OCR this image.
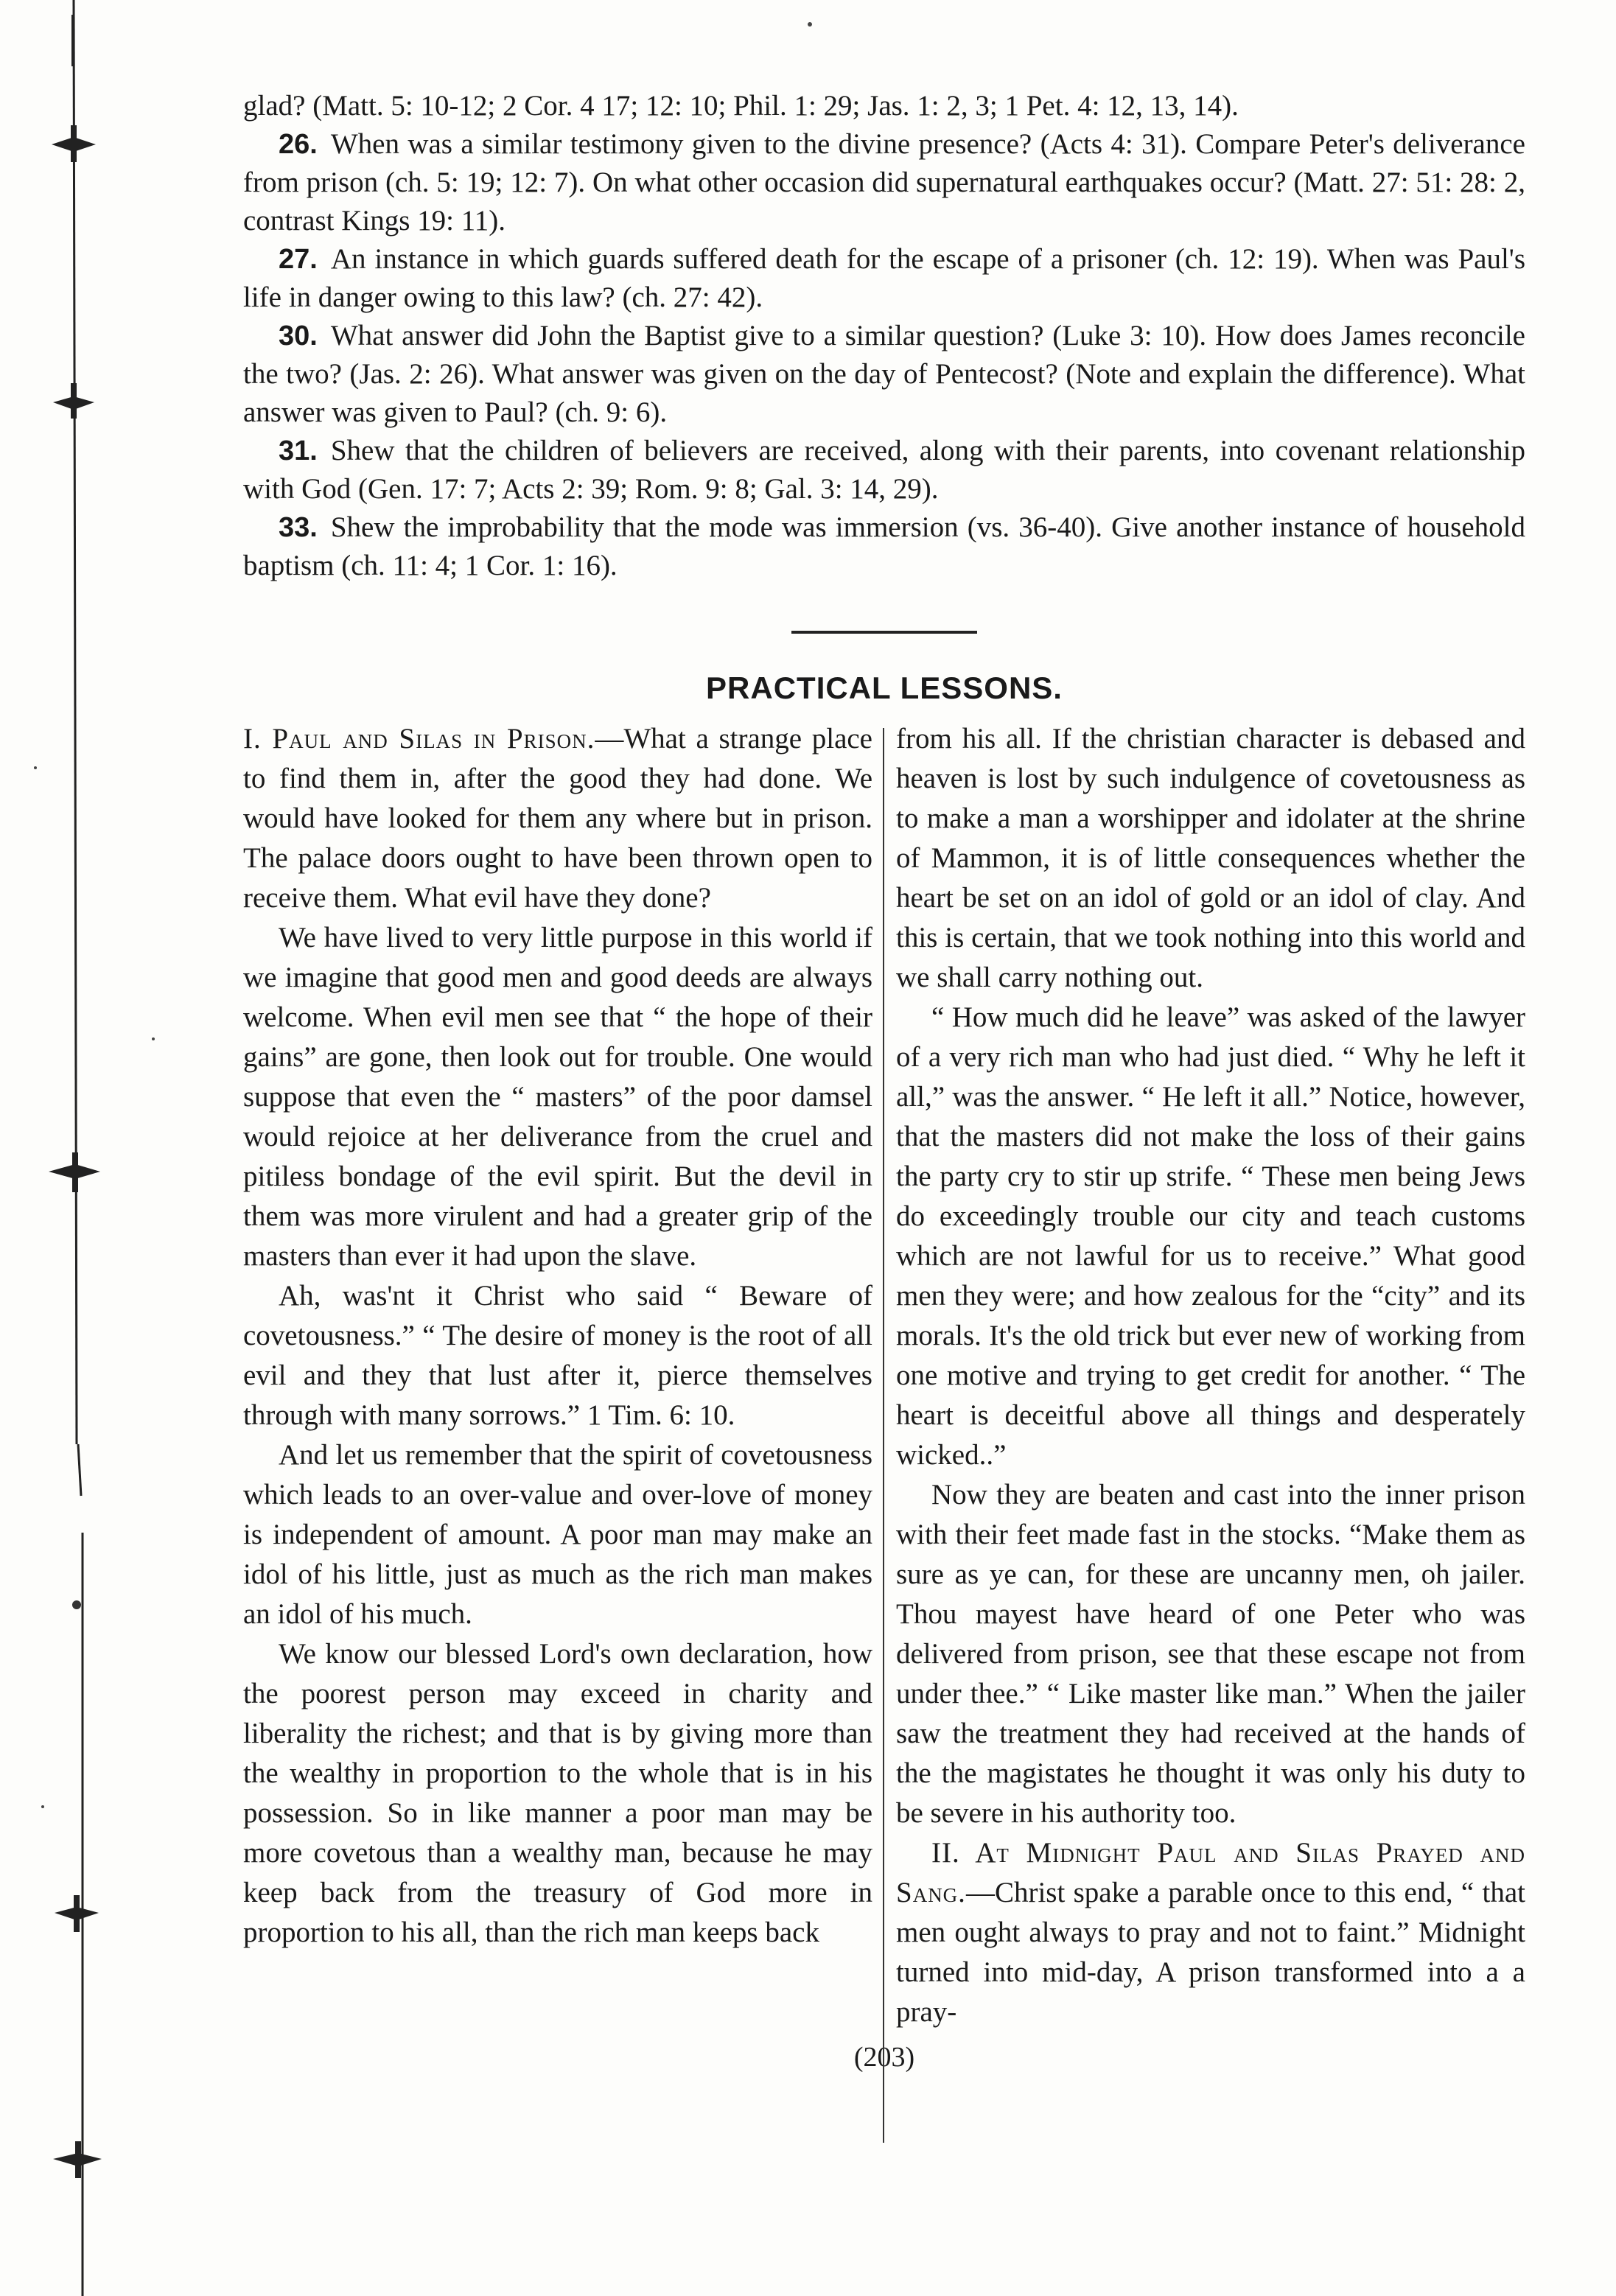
glad? (Matt. 5: 10-12; 2 Cor. 4 17; 12: 10; Phil. 1: 29; Jas. 1: 2, 3; 1 Pet. 4: 12, 13, 14).

26. When was a similar testimony given to the divine presence? (Acts 4: 31). Compare Peter's deliverance from prison (ch. 5: 19; 12: 7). On what other occasion did supernatural earthquakes occur? (Matt. 27: 51: 28: 2, contrast Kings 19: 11).

27. An instance in which guards suffered death for the escape of a prisoner (ch. 12: 19). When was Paul's life in danger owing to this law? (ch. 27: 42).

30. What answer did John the Baptist give to a similar question? (Luke 3: 10). How does James reconcile the two? (Jas. 2: 26). What answer was given on the day of Pentecost? (Note and explain the difference). What answer was given to Paul? (ch. 9: 6).

31. Shew that the children of believers are received, along with their parents, into covenant relationship with God (Gen. 17: 7; Acts 2: 39; Rom. 9: 8; Gal. 3: 14, 29).

33. Shew the improbability that the mode was immersion (vs. 36-40). Give another instance of household baptism (ch. 11: 4; 1 Cor. 1: 16).

PRACTICAL LESSONS.

I. Paul and Silas in Prison.—What a strange place to find them in, after the good they had done. We would have looked for them any where but in prison. The palace doors ought to have been thrown open to receive them. What evil have they done?

We have lived to very little purpose in this world if we imagine that good men and good deeds are always welcome. When evil men see that “ the hope of their gains” are gone, then look out for trouble. One would suppose that even the “ masters” of the poor damsel would rejoice at her deliverance from the cruel and pitiless bondage of the evil spirit. But the devil in them was more virulent and had a greater grip of the masters than ever it had upon the slave.

Ah, was'nt it Christ who said “ Beware of covetousness.” “ The desire of money is the root of all evil and they that lust after it, pierce themselves through with many sorrows.” 1 Tim. 6: 10.

And let us remember that the spirit of covetousness which leads to an over-value and over-love of money is independent of amount. A poor man may make an idol of his little, just as much as the rich man makes an idol of his much.

We know our blessed Lord's own declaration, how the poorest person may exceed in charity and liberality the richest; and that is by giving more than the wealthy in proportion to the whole that is in his possession. So in like manner a poor man may be more covetous than a wealthy man, because he may keep back from the treasury of God more in proportion to his all, than the rich man keeps back

from his all. If the christian character is debased and heaven is lost by such indulgence of covetousness as to make a man a worshipper and idolater at the shrine of Mammon, it is of little consequences whether the heart be set on an idol of gold or an idol of clay. And this is certain, that we took nothing into this world and we shall carry nothing out.

“ How much did he leave” was asked of the lawyer of a very rich man who had just died. “ Why he left it all,” was the answer. “ He left it all.” Notice, however, that the masters did not make the loss of their gains the party cry to stir up strife. “ These men being Jews do exceedingly trouble our city and teach customs which are not lawful for us to receive.” What good men they were; and how zealous for the “city” and its morals. It's the old trick but ever new of working from one motive and trying to get credit for another. “ The heart is deceitful above all things and desperately wicked..”

Now they are beaten and cast into the inner prison with their feet made fast in the stocks. “Make them as sure as ye can, for these are uncanny men, oh jailer. Thou mayest have heard of one Peter who was delivered from prison, see that these escape not from under thee.” “ Like master like man.” When the jailer saw the treatment they had received at the hands of the the magistates he thought it was only his duty to be severe in his authority too.

II. At Midnight Paul and Silas Prayed and Sang.—Christ spake a parable once to this end, “ that men ought always to pray and not to faint.” Midnight turned into mid-day, A prison transformed into a a pray-

(203)
